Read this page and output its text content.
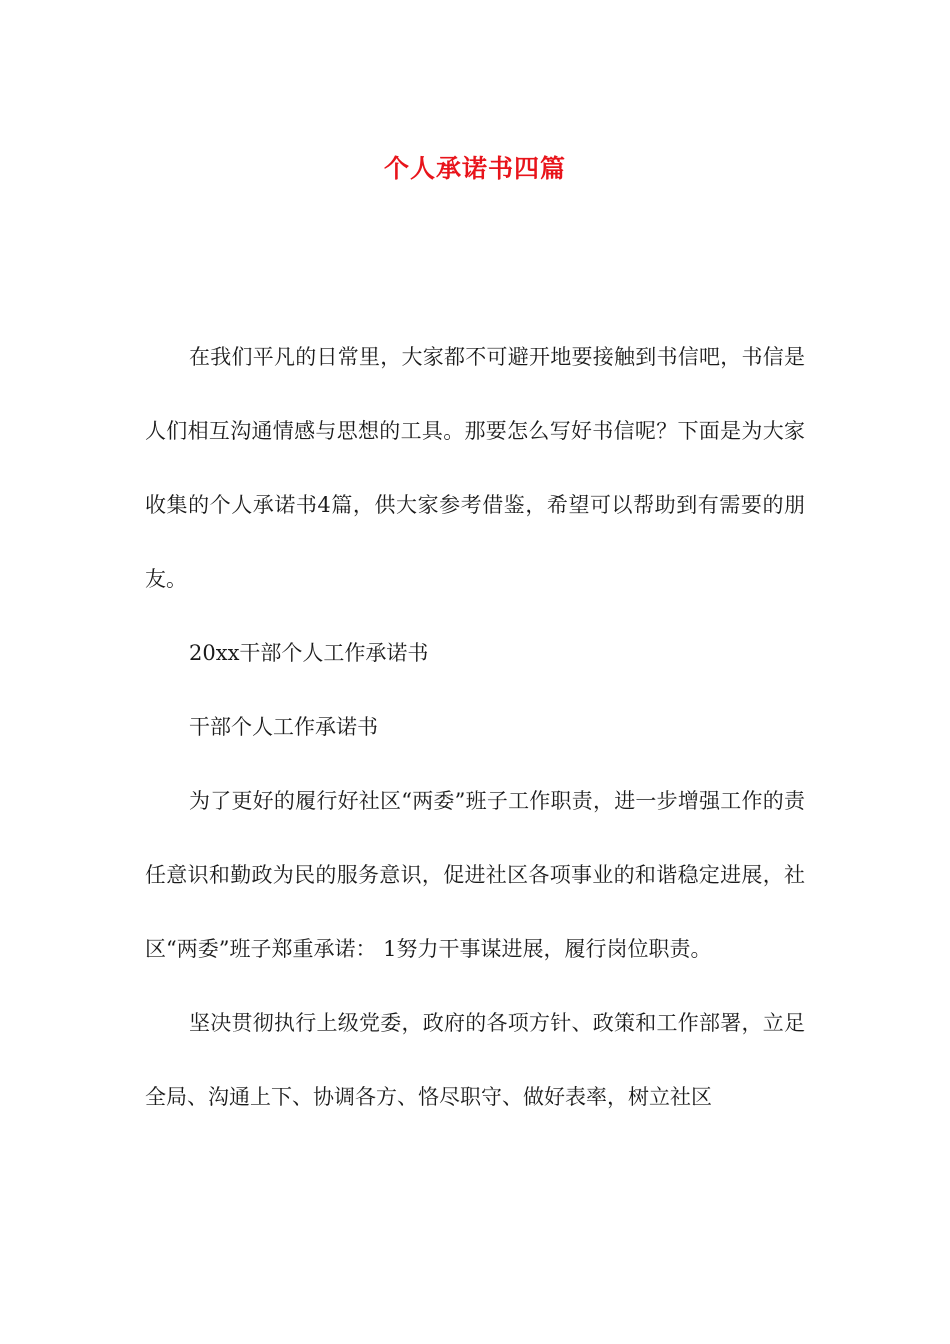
个人承诺书四篇

在我们平凡的日常里，大家都不可避开地要接触到书信吧，书信是人们相互沟通情感与思想的工具。那要怎么写好书信呢？下面是为大家收集的个人承诺书4篇，供大家参考借鉴，希望可以帮助到有需要的朋友。

20xx干部个人工作承诺书

干部个人工作承诺书

为了更好的履行好社区“两委”班子工作职责，进一步增强工作的责任意识和勤政为民的服务意识，促进社区各项事业的和谐稳定进展，社区“两委”班子郑重承诺： 1努力干事谋进展，履行岗位职责。

坚决贯彻执行上级党委，政府的各项方针、政策和工作部署，立足全局、沟通上下、协调各方、恪尽职守、做好表率，树立社区
